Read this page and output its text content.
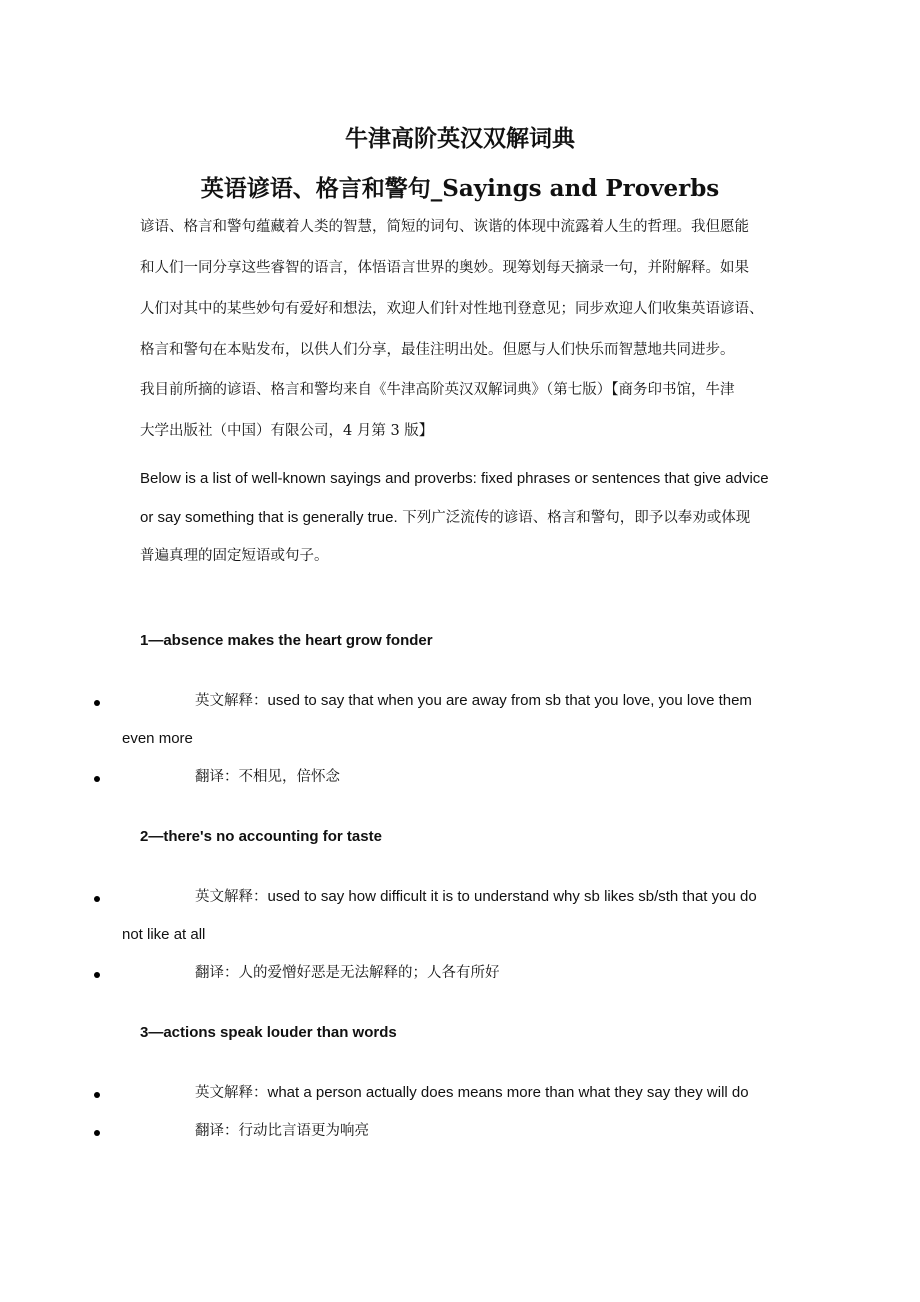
牛津高阶英汉双解词典
英语谚语、格言和警句_Sayings and Proverbs
谚语、格言和警句蕴藏着人类的智慧，简短的词句、诙谐的体现中流露着人生的哲理。我但愿能
和人们一同分享这些睿智的语言，体悟语言世界的奥妙。现筹划每天摘录一句，并附解释。如果
人们对其中的某些妙句有爱好和想法，欢迎人们针对性地刊登意见；同步欢迎人们收集英语谚语、
格言和警句在本贴发布，以供人们分享，最佳注明出处。但愿与人们快乐而智慧地共同进步。
我目前所摘的谚语、格言和警均来自《牛津高阶英汉双解词典》（第七版）【商务印书馆，牛津
大学出版社（中国）有限公司，4 月第 3 版】
Below is a list of well-known sayings and proverbs: fixed phrases or sentences that give advice
or say something that is generally true. 下列广泛流传的谚语、格言和警句，即予以奉劝或体现
普遍真理的固定短语或句子。
1—absence makes the heart grow fonder
英文解释：used to say that when you are away from sb that you love, you love them
even more
翻译：不相见，倍怀念
2—there's no accounting for taste
英文解释：used to say how difficult it is to understand why sb likes sb/sth that you do
not like at all
翻译：人的爱憎好恶是无法解释的；人各有所好
3—actions speak louder than words
英文解释：what a person actually does means more than what they say they will do
翻译：行动比言语更为响亮
